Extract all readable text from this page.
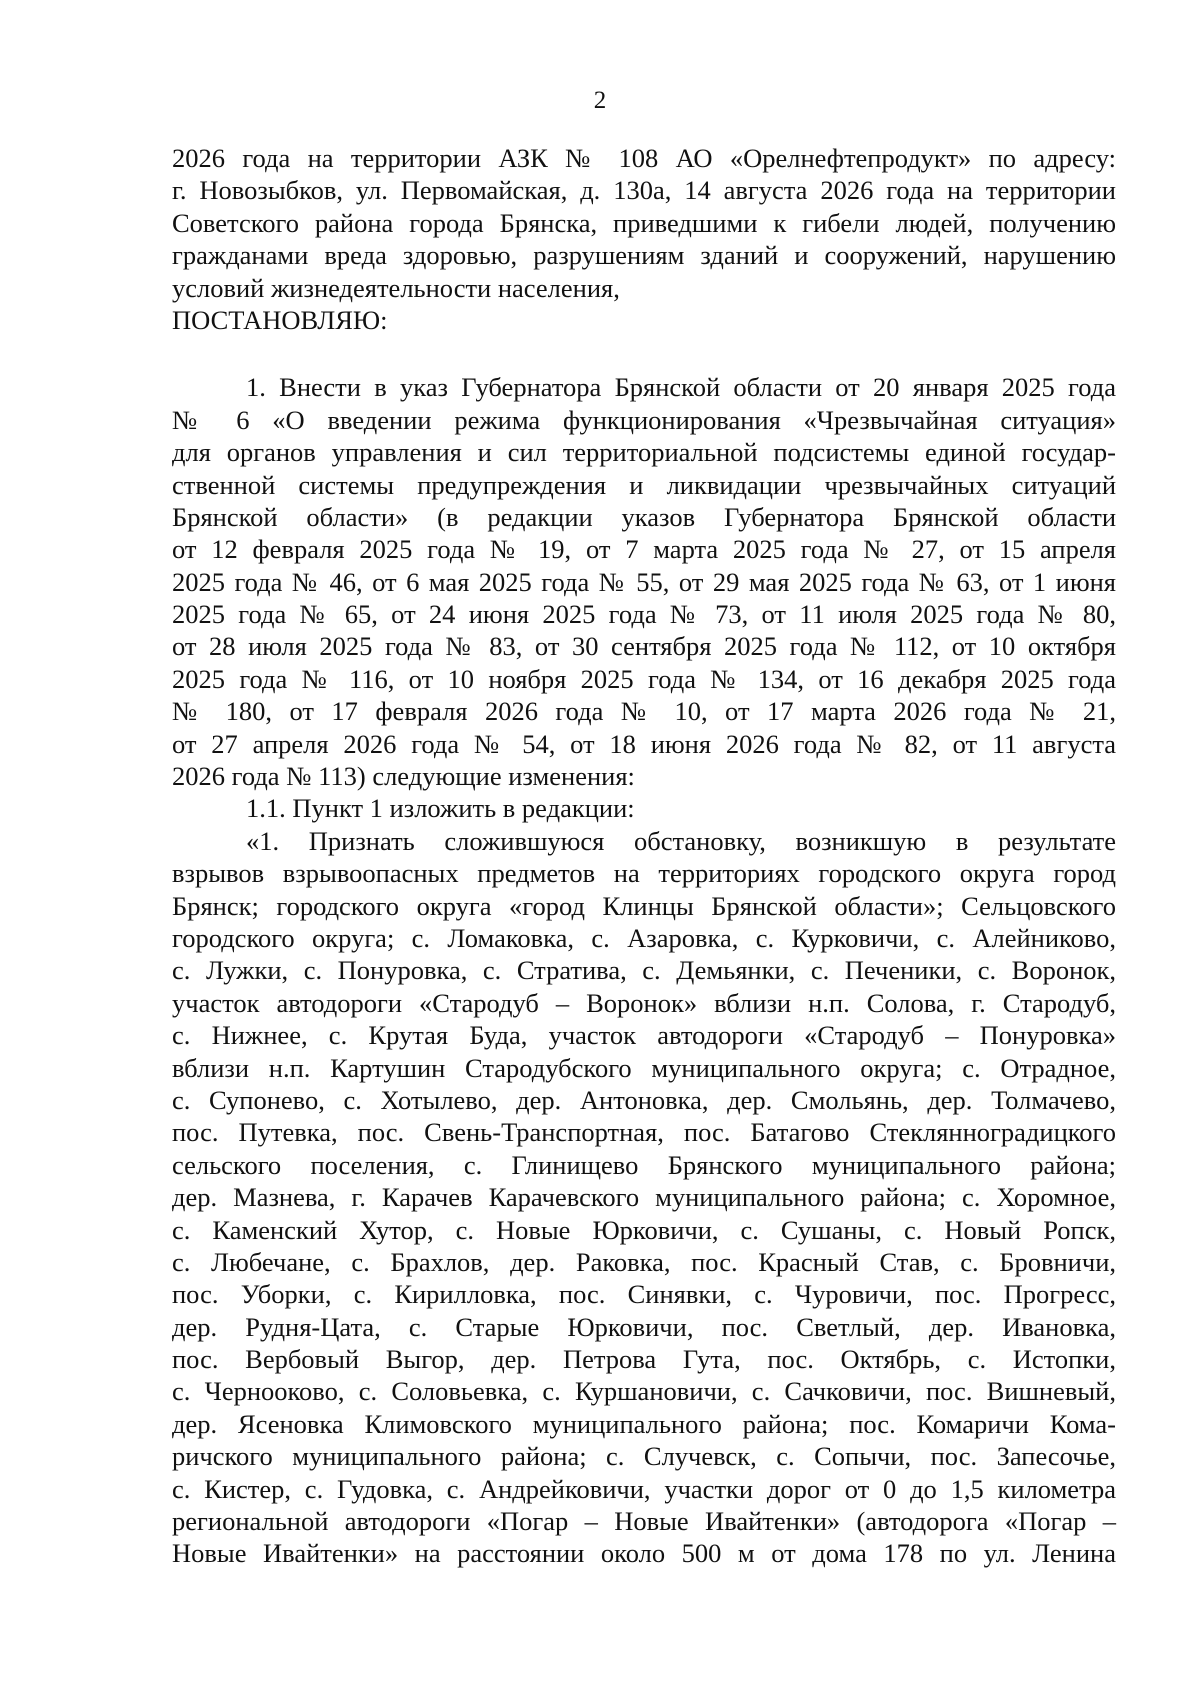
2
2026 года на территории АЗК № 108 АО «Орелнефтепродукт» по адресу:
г. Новозыбков, ул. Первомайская, д. 130а, 14 августа 2026 года на территории
Советского района города Брянска, приведшими к гибели людей, получению
гражданами вреда здоровью, разрушениям зданий и сооружений, нарушению
условий жизнедеятельности населения,
ПОСТАНОВЛЯЮ:
1. Внести в указ Губернатора Брянской области от 20 января 2025 года
№ 6 «О введении режима функционирования «Чрезвычайная ситуация»
для органов управления и сил территориальной подсистемы единой государ-
ственной системы предупреждения и ликвидации чрезвычайных ситуаций
Брянской области» (в редакции указов Губернатора Брянской области
от 12 февраля 2025 года № 19, от 7 марта 2025 года № 27, от 15 апреля
2025 года № 46, от 6 мая 2025 года № 55, от 29 мая 2025 года № 63, от 1 июня
2025 года № 65, от 24 июня 2025 года № 73, от 11 июля 2025 года № 80,
от 28 июля 2025 года № 83, от 30 сентября 2025 года № 112, от 10 октября
2025 года № 116, от 10 ноября 2025 года № 134, от 16 декабря 2025 года
№ 180, от 17 февраля 2026 года № 10, от 17 марта 2026 года № 21,
от 27 апреля 2026 года № 54, от 18 июня 2026 года № 82, от 11 августа
2026 года № 113) следующие изменения:
1.1. Пункт 1 изложить в редакции:
«1. Признать сложившуюся обстановку, возникшую в результате
взрывов взрывоопасных предметов на территориях городского округа город
Брянск; городского округа «город Клинцы Брянской области»; Сельцовского
городского округа; с. Ломаковка, с. Азаровка, с. Курковичи, с. Алейниково,
с. Лужки, с. Понуровка, с. Стратива, с. Демьянки, с. Печеники, с. Воронок,
участок автодороги «Стародуб – Воронок» вблизи н.п. Солова, г. Стародуб,
с. Нижнее, с. Крутая Буда, участок автодороги «Стародуб – Понуровка»
вблизи н.п. Картушин Стародубского муниципального округа; с. Отрадное,
с. Супонево, с. Хотылево, дер. Антоновка, дер. Смольянь, дер. Толмачево,
пос. Путевка, пос. Свень-Транспортная, пос. Батагово Стеклянноградицкого
сельского поселения, с. Глинищево Брянского муниципального района;
дер. Мазнева, г. Карачев Карачевского муниципального района; с. Хоромное,
с. Каменский Хутор, с. Новые Юрковичи, с. Сушаны, с. Новый Ропск,
с. Любечане, с. Брахлов, дер. Раковка, пос. Красный Став, с. Бровничи,
пос. Уборки, с. Кирилловка, пос. Синявки, с. Чуровичи, пос. Прогресс,
дер. Рудня-Цата, с. Старые Юрковичи, пос. Светлый, дер. Ивановка,
пос. Вербовый Выгор, дер. Петрова Гута, пос. Октябрь, с. Истопки,
с. Чернооково, с. Соловьевка, с. Куршановичи, с. Сачковичи, пос. Вишневый,
дер. Ясеновка Климовского муниципального района; пос. Комаричи Кома-
ричского муниципального района; с. Случевск, с. Сопычи, пос. Запесочье,
с. Кистер, с. Гудовка, с. Андрейковичи, участки дорог от 0 до 1,5 километра
региональной автодороги «Погар – Новые Ивайтенки» (автодорога «Погар –
Новые Ивайтенки» на расстоянии около 500 м от дома 178 по ул. Ленина
